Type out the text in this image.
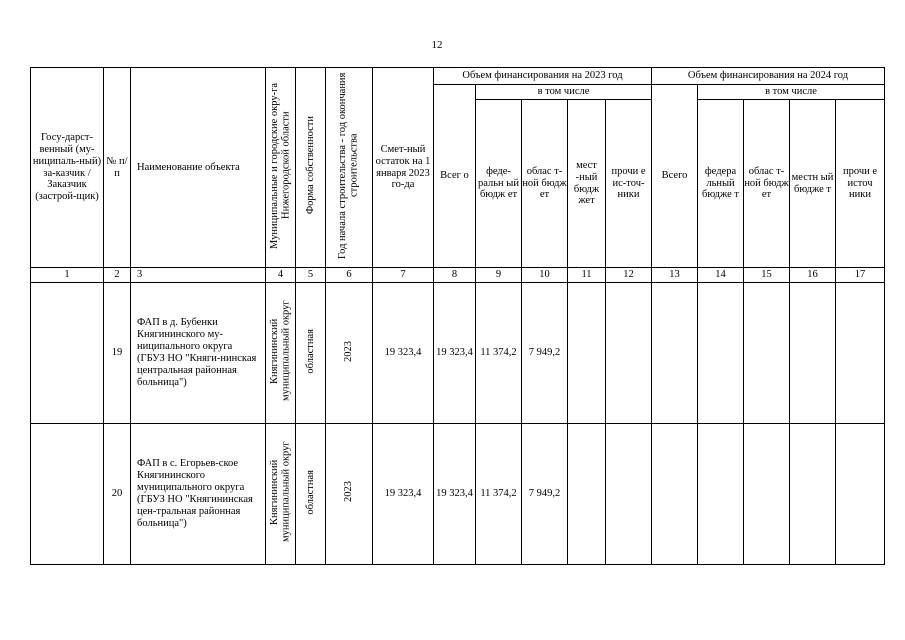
12
Госу-дарст-венный (му-ниципаль-ный) за-казчик / Заказчик (застрой-щик)	№ п/п	Наименование объекта	Муниципальные и городские окру-га Нижегородской области	Форма собственности	Год начала строительства - год окончания строительства	Смет-ный остаток на 1 января 2023 го-да	Объем финансирования на 2023 год					Объем финансирования на 2024 год				
							Всег о	в том числе				Всего	в том числе			
								феде-ральн ый бюдж ет	облас т-ной бюдж ет	мест -ный бюдж жет	прочи е ис-точ-ники		федера льный бюдже т	облас т-ной бюдж ет	местн ый бюдже т	прочи е источ ники
1	2	3	4	5	6	7	8	9	10	11	12	13	14	15	16	17
	19	ФАП в д. Бубенки Княгининского му-ниципального округа (ГБУЗ НО "Княги-нинская центральная районная больница")	Княгининский муниципальный округ	областная	2023	19 323,4	19 323,4	11 374,2	7 949,2							
	20	ФАП в с. Егорьев-ское Княгининского муниципального округа (ГБУЗ НО "Княгининская цен-тральная районная больница")	Княгининский муниципальный округ	областная	2023	19 323,4	19 323,4	11 374,2	7 949,2							
